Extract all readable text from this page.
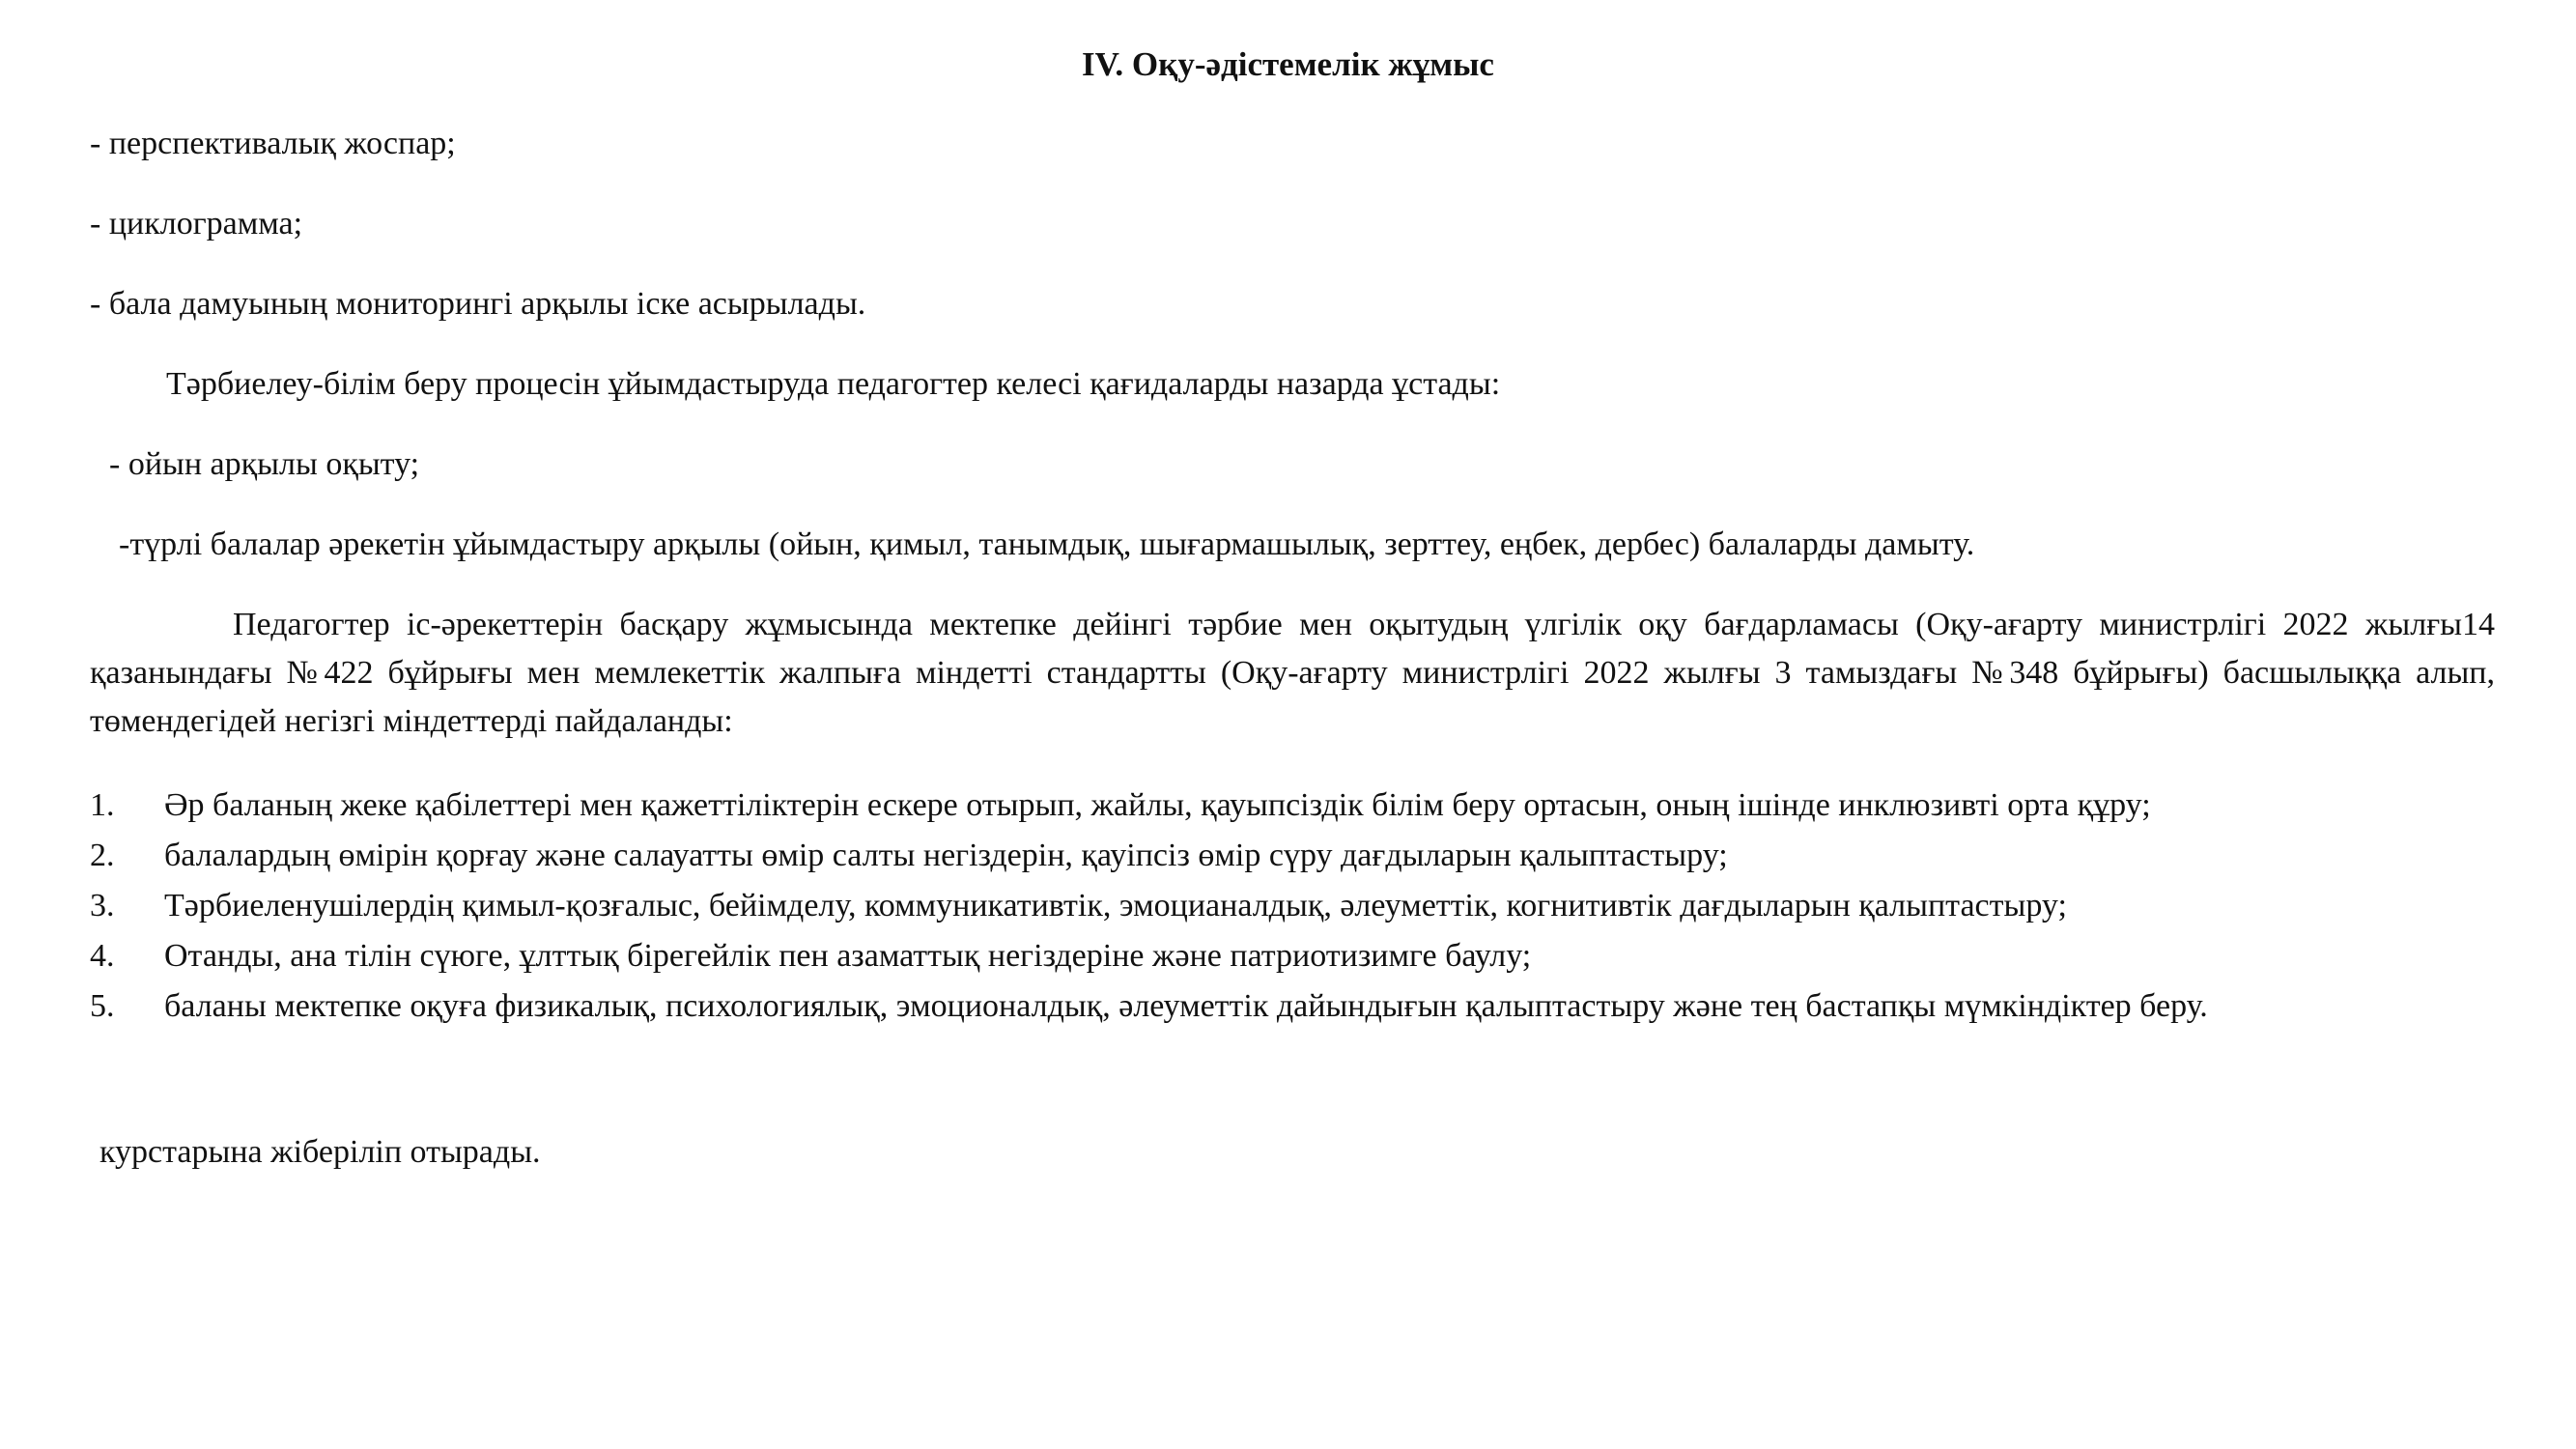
IV. Оқу-әдістемелік жұмыс

- перспективалық жоспар;

- циклограмма;

- бала дамуының мониторингі арқылы іске асырылады.

Тәрбиелеу-білім беру процесін ұйымдастыруда педагогтер келесі қағидаларды назарда ұстады:

- ойын арқылы оқыту;

-түрлі балалар әрекетін ұйымдастыру арқылы (ойын, қимыл, танымдық, шығармашылық, зерттеу, еңбек, дербес) балаларды дамыту.

Педагогтер іс-әрекеттерін басқару жұмысында мектепке дейінгі тәрбие мен оқытудың үлгілік оқу бағдарламасы (Оқу-ағарту министрлігі 2022 жылғы14 қазанындағы №422 бұйрығы мен мемлекеттік жалпыға міндетті стандартты (Оқу-ағарту министрлігі 2022 жылғы 3 тамыздағы №348 бұйрығы) басшылыққа алып, төмендегідей негізгі міндеттерді пайдаланды:

1. Әр баланың жеке қабілеттері мен қажеттіліктерін ескере отырып, жайлы, қауыпсіздік білім беру ортасын, оның ішінде инклюзивті орта құру;
2. балалардың өмірін қорғау және салауатты өмір салты негіздерін, қауіпсіз өмір сүру дағдыларын қалыптастыру;
3. Тәрбиеленушілердің қимыл-қозғалыс, бейімделу, коммуникативтік, эмоцианалдық, әлеуметтік, когнитивтік дағдыларын қалыптастыру;
4. Отанды, ана тілін сүюге, ұлттық бірегейлік пен азаматтық негіздеріне және патриотизимге баулу;
5. баланы мектепке оқуға физикалық, психологиялық, эмоционалдық, әлеуметтік дайындығын қалыптастыру және тең бастапқы мүмкіндіктер беру.

курстарына жіберіліп отырады.
